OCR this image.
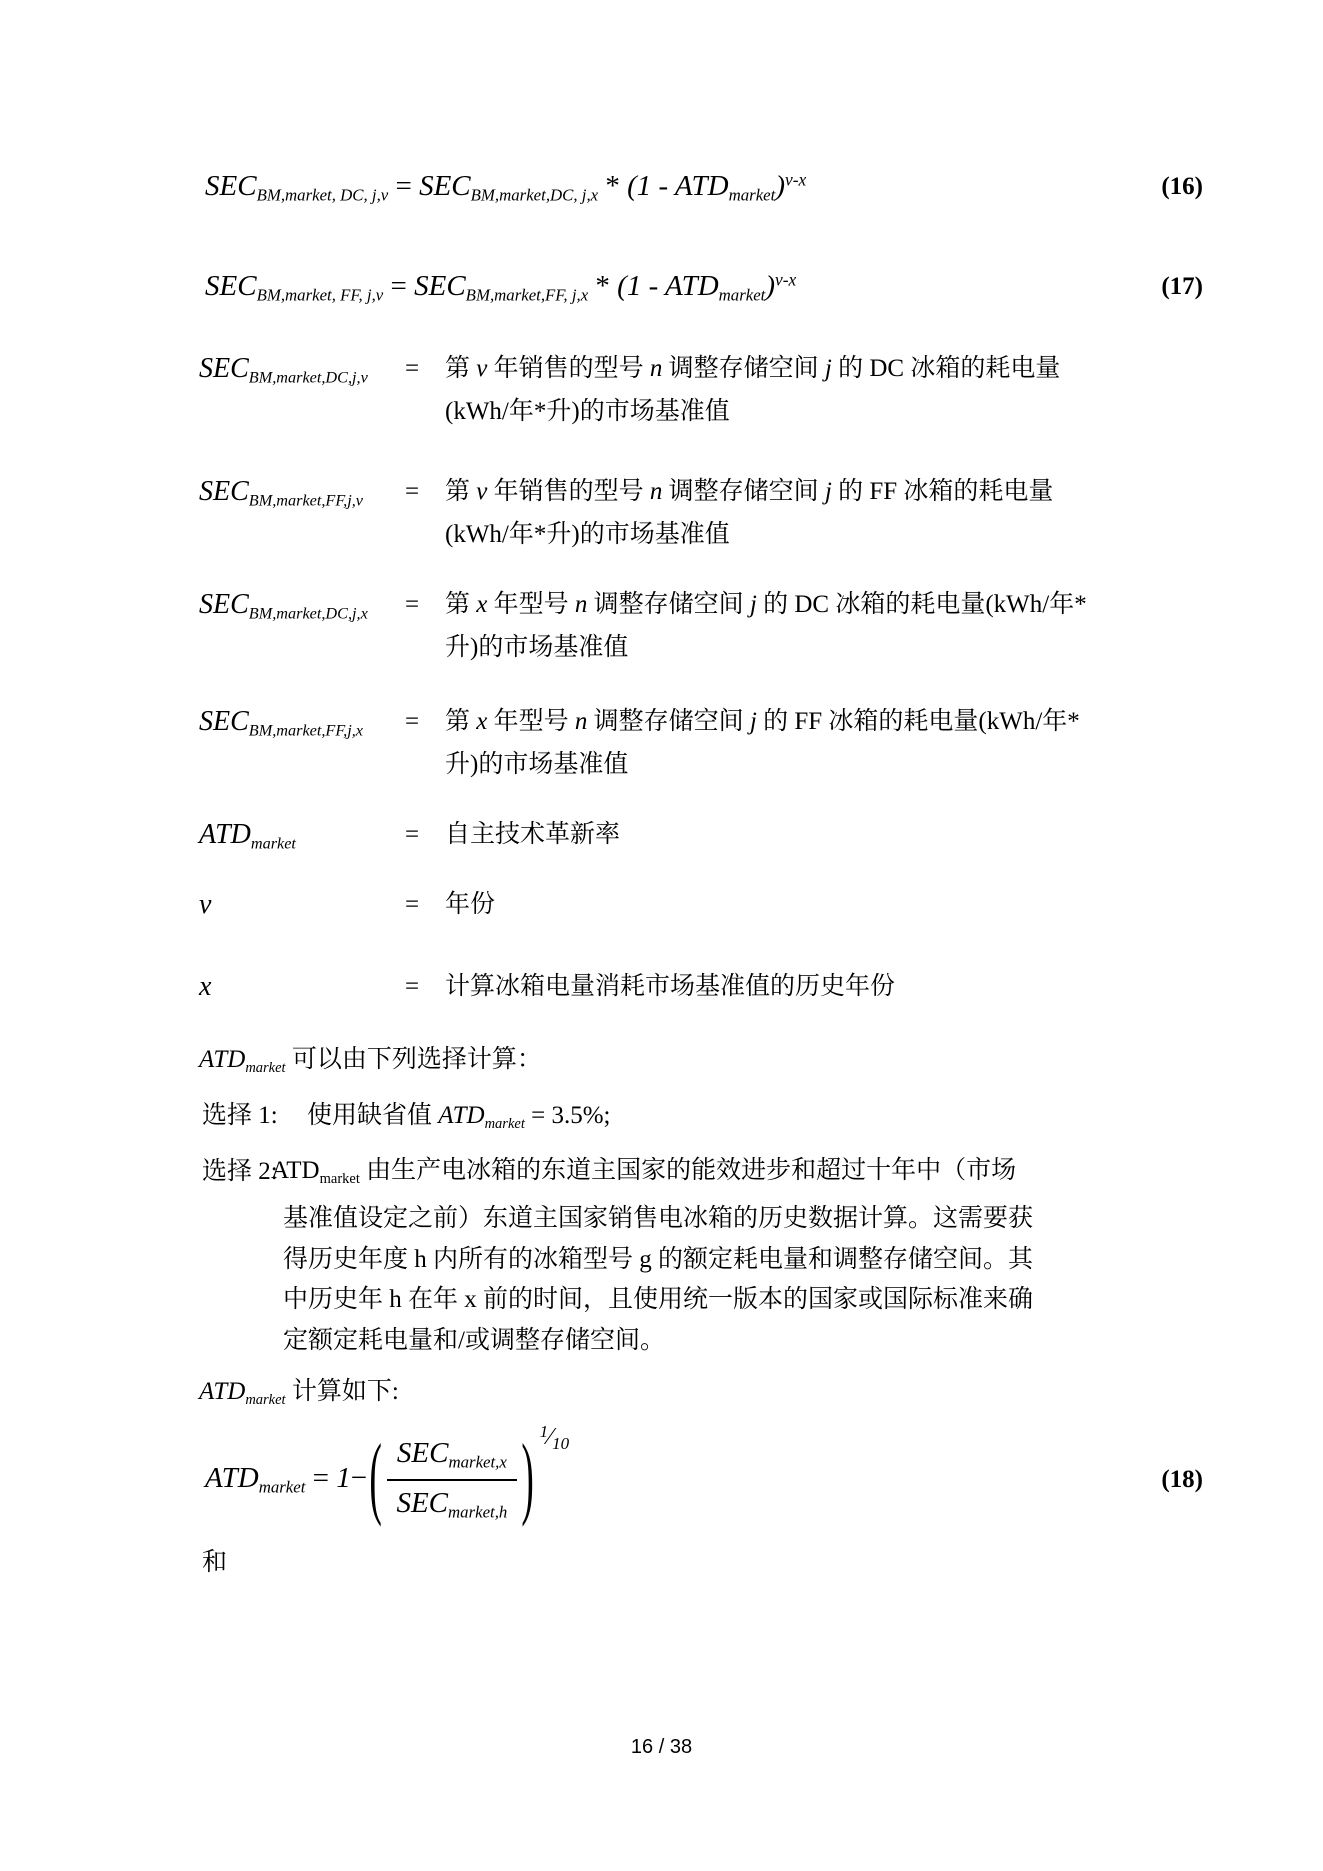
SECBM,market, DC, j,v = SECBM,market,DC, j,x * (1 - ATDmarket)$^{v-x}$	(16)
SECBM,market, FF, j,v = SECBM,market,FF, j,x * (1 - ATDmarket)$^{v-x}$	(17)
SECBM,market,DC,j,v	=	第 v 年销售的型号 n 调整存储空间 j 的 DC 冰箱的耗电量
(kWh/年*升)的市场基准值
SECBM,market,FF,j,v	=	第 v 年销售的型号 n 调整存储空间 j 的 FF 冰箱的耗电量
(kWh/年*升)的市场基准值
SECBM,market,DC,j,x	=	第 x 年型号 n 调整存储空间 j 的 DC 冰箱的耗电量(kWh/年*
升)的市场基准值
SECBM,market,FF,j,x	=	第 x 年型号 n 调整存储空间 j 的 FF 冰箱的耗电量(kWh/年*
升)的市场基准值
ATDmarket	=	自主技术革新率
v	=	年份
x	=	计算冰箱电量消耗市场基准值的历史年份
ATDmarket 可以由下列选择计算：
选择 1:	使用缺省值 ATDmarket = 3.5%;
选择 2:
ATDmarket 由生产电冰箱的东道主国家的能效进步和超过十年中（市场
基准值设定之前）东道主国家销售电冰箱的历史数据计算。这需要获
得历史年度 h 内所有的冰箱型号 g 的额定耗电量和调整存储空间。其
中历史年 h 在年 x 前的时间，且使用统一版本的国家或国际标准来确
定额定耗电量和/或调整存储空间。
ATDmarket 计算如下:
ATDmarket = 1− ( $\frac{\text{SECmarket,x}}{\text{SECmarket,h}}$ ) $^1$⁄10
(18)
和
16 / 38
